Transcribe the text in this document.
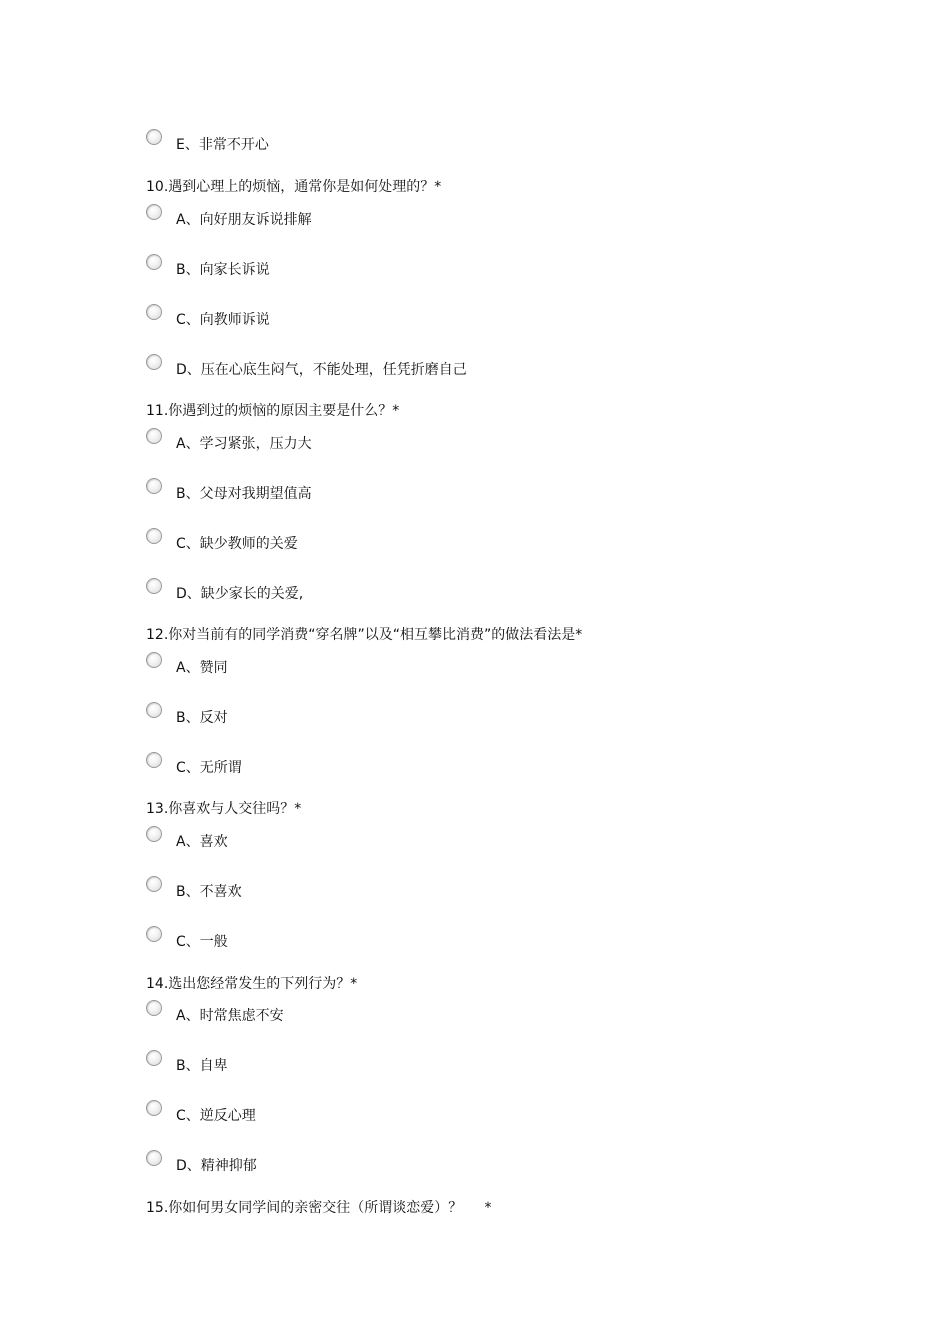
E、非常不开心
10.遇到心理上的烦恼，通常你是如何处理的？*
A、向好朋友诉说排解
B、向家长诉说
C、向教师诉说
D、压在心底生闷气，不能处理，任凭折磨自己
11.你遇到过的烦恼的原因主要是什么？*
A、学习紧张，压力大
B、父母对我期望值高
C、缺少教师的关爱
D、缺少家长的关爱,
12.你对当前有的同学消费“穿名牌”以及“相互攀比消费”的做法看法是*
A、赞同
B、反对
C、无所谓
13.你喜欢与人交往吗？*
A、喜欢
B、不喜欢
C、一般
14.选出您经常发生的下列行为？*
A、时常焦虑不安
B、自卑
C、逆反心理
D、精神抑郁
15.你如何男女同学间的亲密交往（所谓谈恋爱）？     *
